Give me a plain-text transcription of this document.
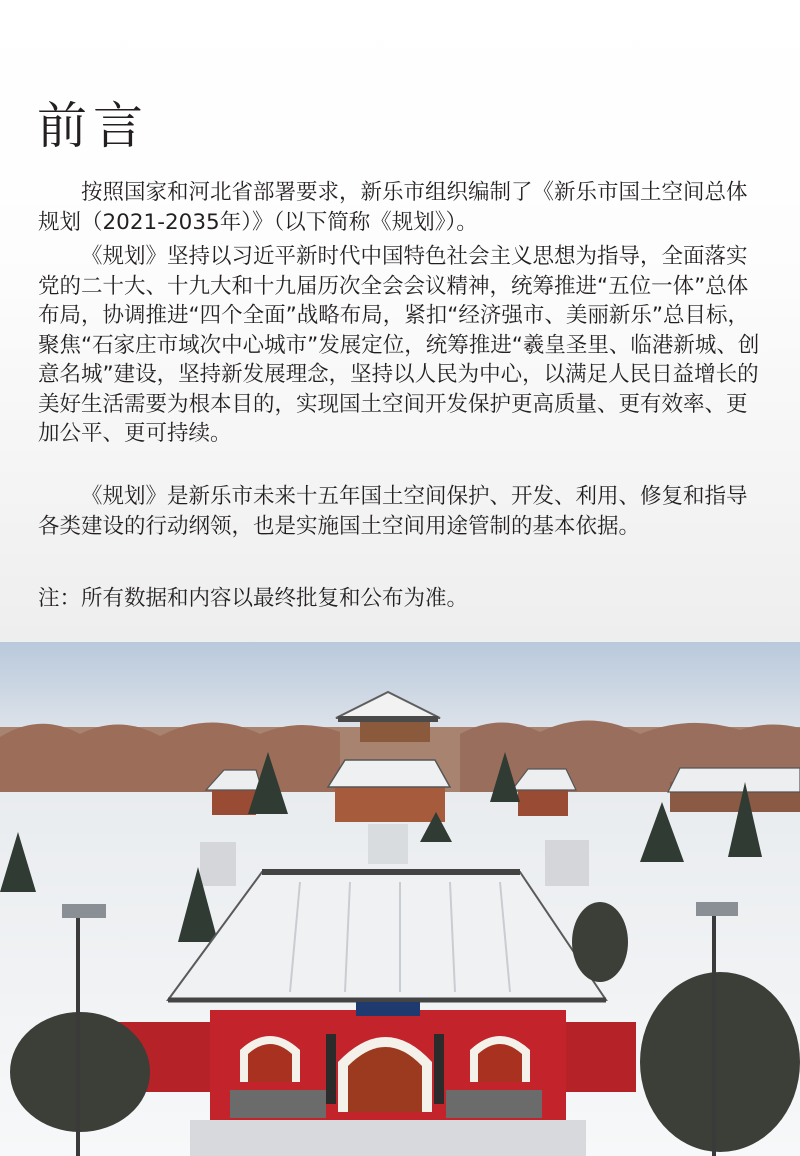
前言

按照国家和河北省部署要求，新乐市组织编制了《新乐市国土空间总体规划（2021-2035年）》（以下简称《规划》）。

《规划》坚持以习近平新时代中国特色社会主义思想为指导，全面落实党的二十大、十九大和十九届历次全会会议精神，统筹推进“五位一体”总体布局，协调推进“四个全面”战略布局，紧扣“经济强市、美丽新乐”总目标，聚焦“石家庄市域次中心城市”发展定位，统筹推进“羲皇圣里、临港新城、创意名城”建设，坚持新发展理念，坚持以人民为中心，以满足人民日益增长的美好生活需要为根本目的，实现国土空间开发保护更高质量、更有效率、更加公平、更可持续。

《规划》是新乐市未来十五年国土空间保护、开发、利用、修复和指导各类建设的行动纲领，也是实施国土空间用途管制的基本依据。

注：所有数据和内容以最终批复和公布为准。
